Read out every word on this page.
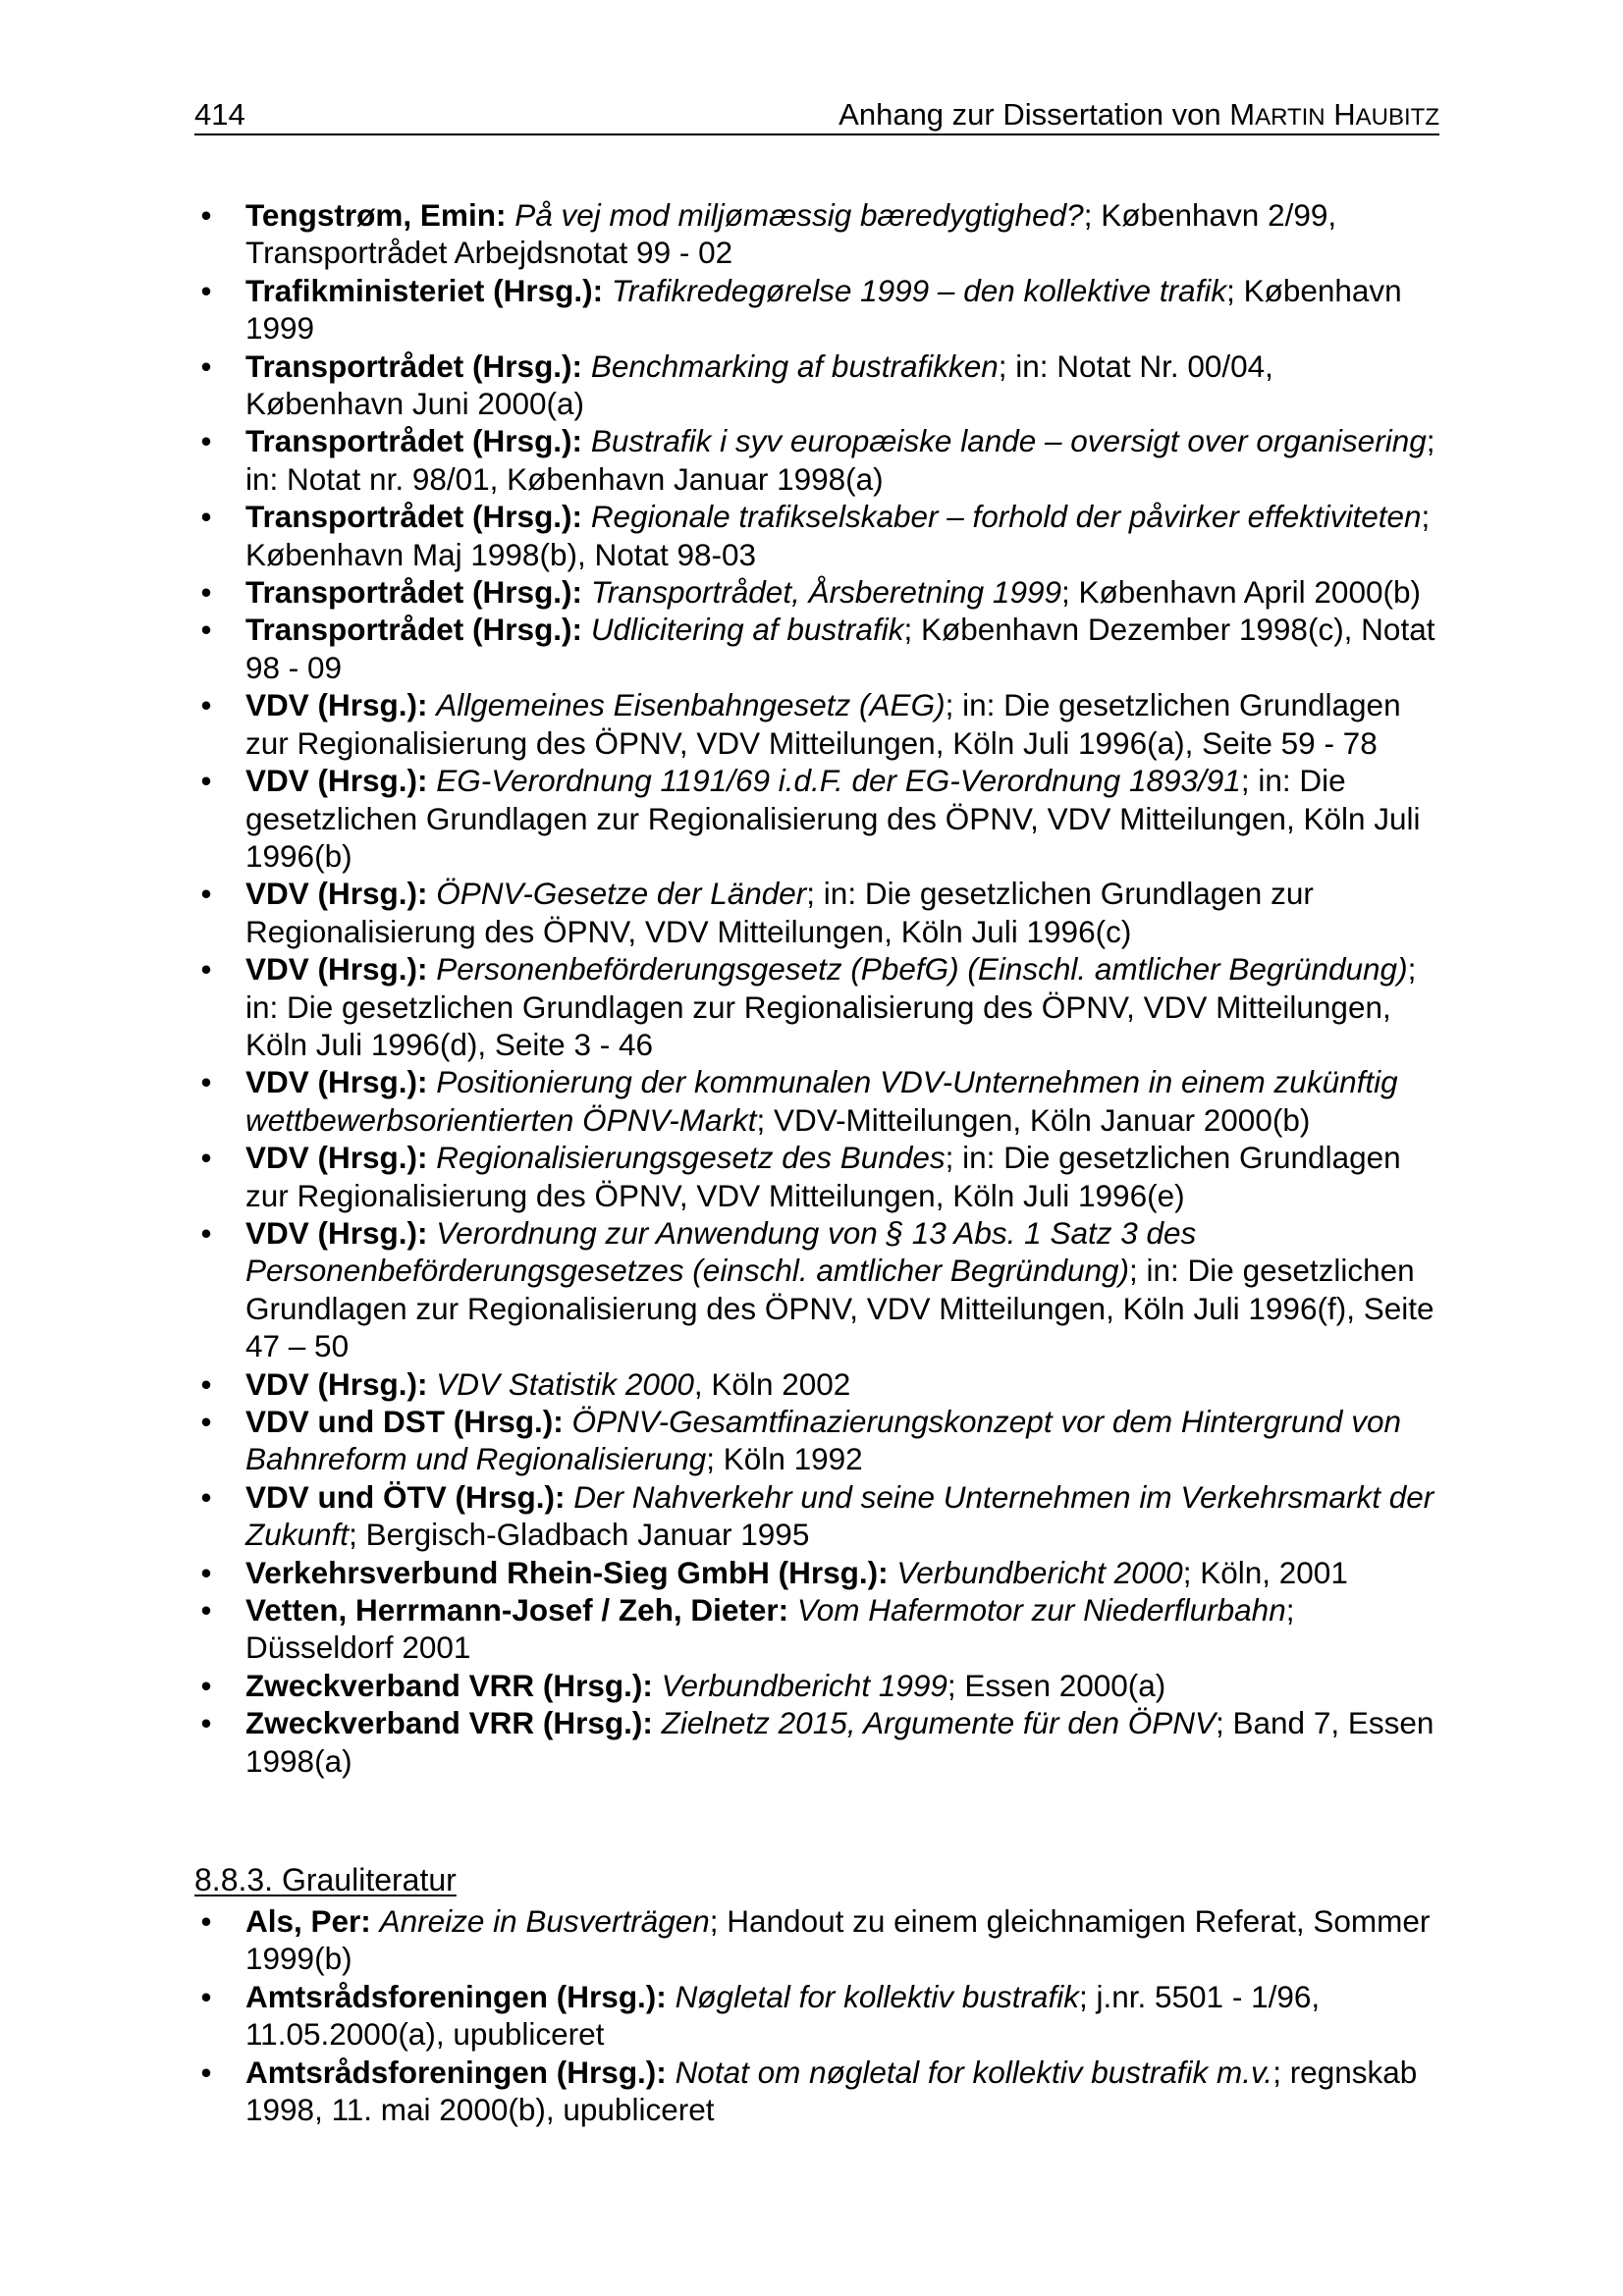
414	Anhang zur Dissertation von MARTIN HAUBITZ
• Tengstrøm, Emin: På vej mod miljømæssig bæredygtighed?; København 2/99, Transportrådet Arbejdsnotat 99 - 02
• Trafikministeriet (Hrsg.): Trafikredegørelse 1999 – den kollektive trafik; København 1999
• Transportrådet (Hrsg.): Benchmarking af bustrafikken; in: Notat Nr. 00/04, København Juni 2000(a)
• Transportrådet (Hrsg.): Bustrafik i syv europæiske lande – oversigt over organisering; in: Notat nr. 98/01, København Januar 1998(a)
• Transportrådet (Hrsg.): Regionale trafikselskaber – forhold der påvirker effektiviteten; København Maj 1998(b), Notat 98-03
• Transportrådet (Hrsg.): Transportrådet, Årsberetning 1999; København April 2000(b)
• Transportrådet (Hrsg.): Udlicitering af bustrafik; København Dezember 1998(c), Notat 98 - 09
• VDV (Hrsg.): Allgemeines Eisenbahngesetz (AEG); in: Die gesetzlichen Grundlagen zur Regionalisierung des ÖPNV, VDV Mitteilungen, Köln Juli 1996(a), Seite 59 - 78
• VDV (Hrsg.): EG-Verordnung 1191/69 i.d.F. der EG-Verordnung 1893/91; in: Die gesetzlichen Grundlagen zur Regionalisierung des ÖPNV, VDV Mitteilungen, Köln Juli 1996(b)
• VDV (Hrsg.): ÖPNV-Gesetze der Länder; in: Die gesetzlichen Grundlagen zur Regionalisierung des ÖPNV, VDV Mitteilungen, Köln Juli 1996(c)
• VDV (Hrsg.): Personenbeförderungsgesetz (PbefG) (Einschl. amtlicher Begründung); in: Die gesetzlichen Grundlagen zur Regionalisierung des ÖPNV, VDV Mitteilungen, Köln Juli 1996(d), Seite 3 - 46
• VDV (Hrsg.): Positionierung der kommunalen VDV-Unternehmen in einem zukünftig wettbewerbsorientierten ÖPNV-Markt; VDV-Mitteilungen, Köln Januar 2000(b)
• VDV (Hrsg.): Regionalisierungsgesetz des Bundes; in: Die gesetzlichen Grundlagen zur Regionalisierung des ÖPNV, VDV Mitteilungen, Köln Juli 1996(e)
• VDV (Hrsg.): Verordnung zur Anwendung von § 13 Abs. 1 Satz 3 des Personenbeförderungsgesetzes (einschl. amtlicher Begründung); in: Die gesetzlichen Grundlagen zur Regionalisierung des ÖPNV, VDV Mitteilungen, Köln Juli 1996(f), Seite 47 – 50
• VDV (Hrsg.): VDV Statistik 2000, Köln 2002
• VDV und DST (Hrsg.): ÖPNV-Gesamtfinazierungskonzept vor dem Hintergrund von Bahnreform und Regionalisierung; Köln 1992
• VDV und ÖTV (Hrsg.): Der Nahverkehr und seine Unternehmen im Verkehrsmarkt der Zukunft; Bergisch-Gladbach Januar 1995
• Verkehrsverbund Rhein-Sieg GmbH (Hrsg.): Verbundbericht 2000; Köln, 2001
• Vetten, Herrmann-Josef / Zeh, Dieter: Vom Hafermotor zur Niederflurbahn; Düsseldorf 2001
• Zweckverband VRR (Hrsg.): Verbundbericht 1999; Essen 2000(a)
• Zweckverband VRR (Hrsg.): Zielnetz 2015, Argumente für den ÖPNV; Band 7, Essen 1998(a)
8.8.3. Grauliteratur
• Als, Per: Anreize in Busverträgen; Handout zu einem gleichnamigen Referat, Sommer 1999(b)
• Amtsrådsforeningen (Hrsg.): Nøgletal for kollektiv bustrafik; j.nr. 5501 - 1/96, 11.05.2000(a), upubliceret
• Amtsrådsforeningen (Hrsg.): Notat om nøgletal for kollektiv bustrafik m.v.; regnskab 1998, 11. mai 2000(b), upubliceret
